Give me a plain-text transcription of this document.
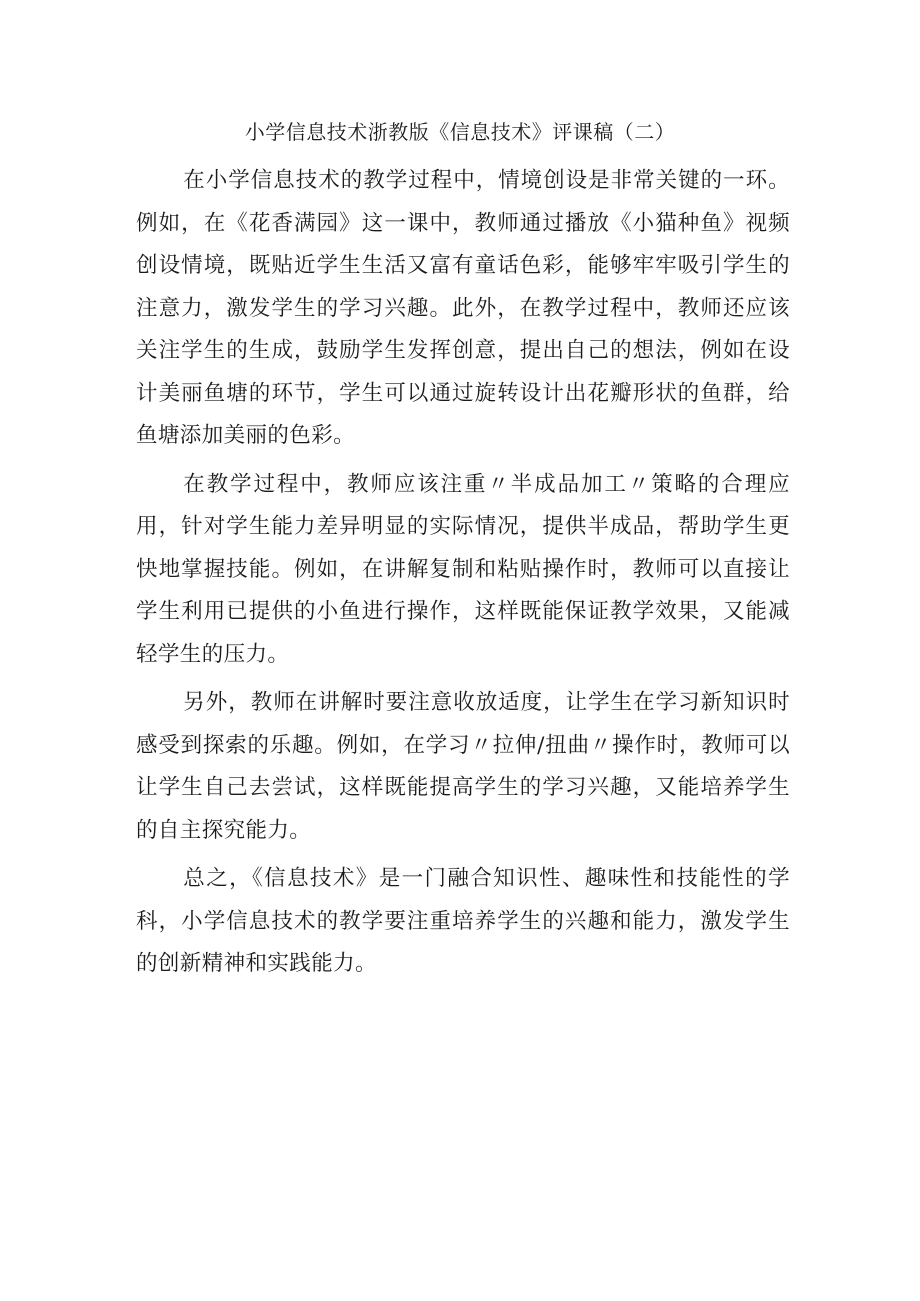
小学信息技术浙教版《信息技术》评课稿（二）

在小学信息技术的教学过程中，情境创设是非常关键的一环。例如，在《花香满园》这一课中，教师通过播放《小猫种鱼》视频创设情境，既贴近学生生活又富有童话色彩，能够牢牢吸引学生的注意力，激发学生的学习兴趣。此外，在教学过程中，教师还应该关注学生的生成，鼓励学生发挥创意，提出自己的想法，例如在设计美丽鱼塘的环节，学生可以通过旋转设计出花瓣形状的鱼群，给鱼塘添加美丽的色彩。

在教学过程中，教师应该注重〃半成品加工〃策略的合理应用，针对学生能力差异明显的实际情况，提供半成品，帮助学生更快地掌握技能。例如，在讲解复制和粘贴操作时，教师可以直接让学生利用已提供的小鱼进行操作，这样既能保证教学效果，又能减轻学生的压力。

另外，教师在讲解时要注意收放适度，让学生在学习新知识时感受到探索的乐趣。例如，在学习〃拉伸/扭曲〃操作时，教师可以让学生自己去尝试，这样既能提高学生的学习兴趣，又能培养学生的自主探究能力。

总之，《信息技术》是一门融合知识性、趣味性和技能性的学科，小学信息技术的教学要注重培养学生的兴趣和能力，激发学生的创新精神和实践能力。
